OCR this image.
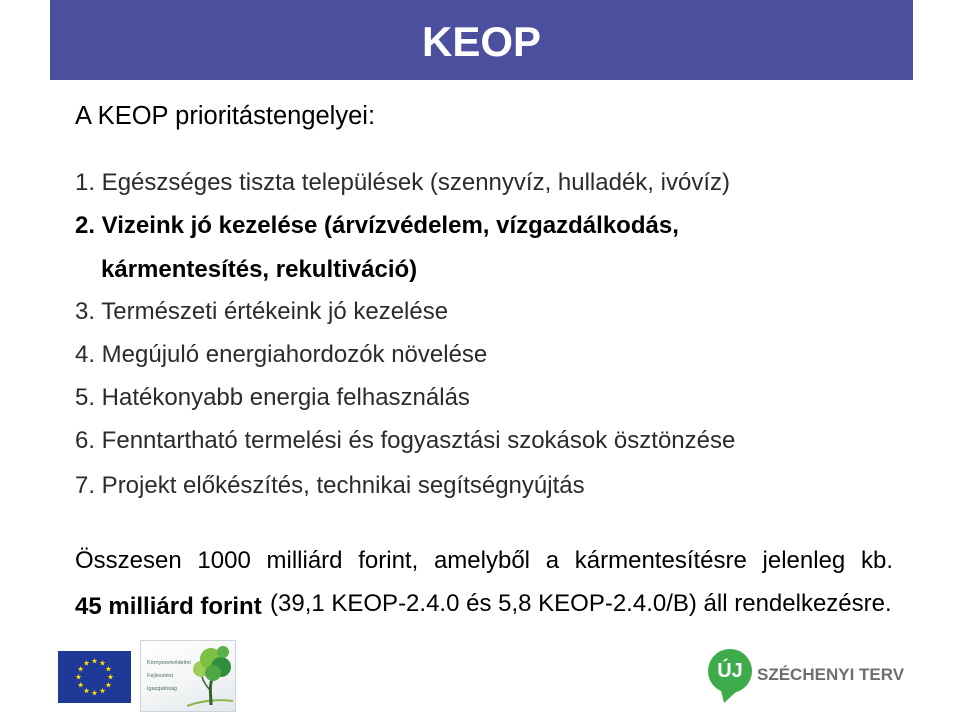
KEOP
A KEOP prioritástengelyei:
1. Egészséges tiszta települések (szennyvíz, hulladék, ivóvíz)
2. Vizeink jó kezelése (árvízvédelem, vízgazdálkodás,
kármentesítés, rekultiváció)
3. Természeti értékeink jó kezelése
4. Megújuló energiahordozók növelése
5. Hatékonyabb energia felhasználás
6. Fenntartható termelési és fogyasztási szokások ösztönzése
7. Projekt előkészítés, technikai segítségnyújtás
Összesen 1000 milliárd forint, amelyből a kármentesítésre jelenleg kb.
45 milliárd forint (39,1 KEOP-2.4.0 és 5,8 KEOP-2.4.0/B) áll rendelkezésre.
Környezetvédelmi
Fejlesztési
Igazgatóság
ÚJ SZÉCHENYI TERV
